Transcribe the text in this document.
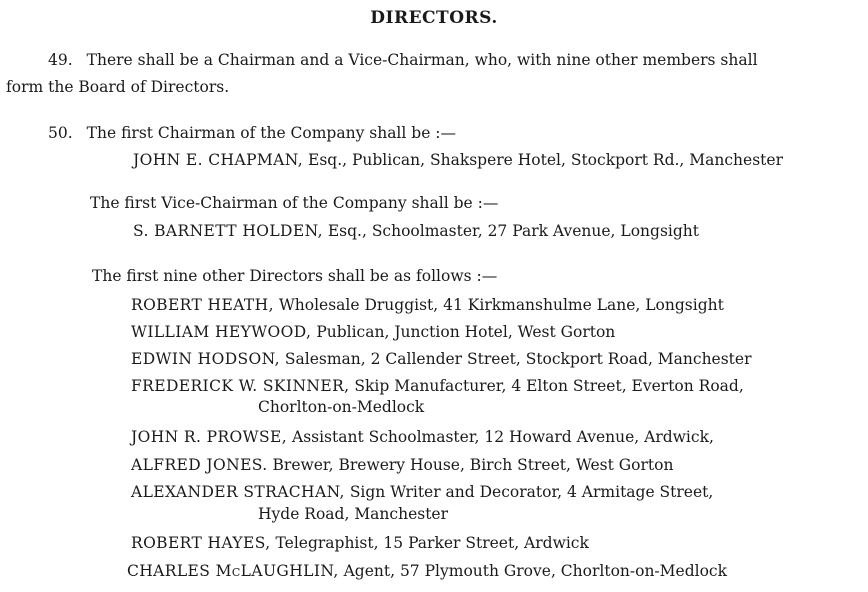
DIRECTORS.
49. There shall be a Chairman and a Vice-Chairman, who, with nine other members shall
form the Board of Directors.
50. The first Chairman of the Company shall be :—
JOHN E. CHAPMAN, Esq., Publican, Shakspere Hotel, Stockport Rd., Manchester
The first Vice-Chairman of the Company shall be :—
S. BARNETT HOLDEN, Esq., Schoolmaster, 27 Park Avenue, Longsight
The first nine other Directors shall be as follows :—
ROBERT HEATH, Wholesale Druggist, 41 Kirkmanshulme Lane, Longsight
WILLIAM HEYWOOD, Publican, Junction Hotel, West Gorton
EDWIN HODSON, Salesman, 2 Callender Street, Stockport Road, Manchester
FREDERICK W. SKINNER, Skip Manufacturer, 4 Elton Street, Everton Road,
Chorlton-on-Medlock
JOHN R. PROWSE, Assistant Schoolmaster, 12 Howard Avenue, Ardwick,
ALFRED JONES. Brewer, Brewery House, Birch Street, West Gorton
ALEXANDER STRACHAN, Sign Writer and Decorator, 4 Armitage Street,
Hyde Road, Manchester
ROBERT HAYES, Telegraphist, 15 Parker Street, Ardwick
CHARLES McLAUGHLIN, Agent, 57 Plymouth Grove, Chorlton-on-Medlock
